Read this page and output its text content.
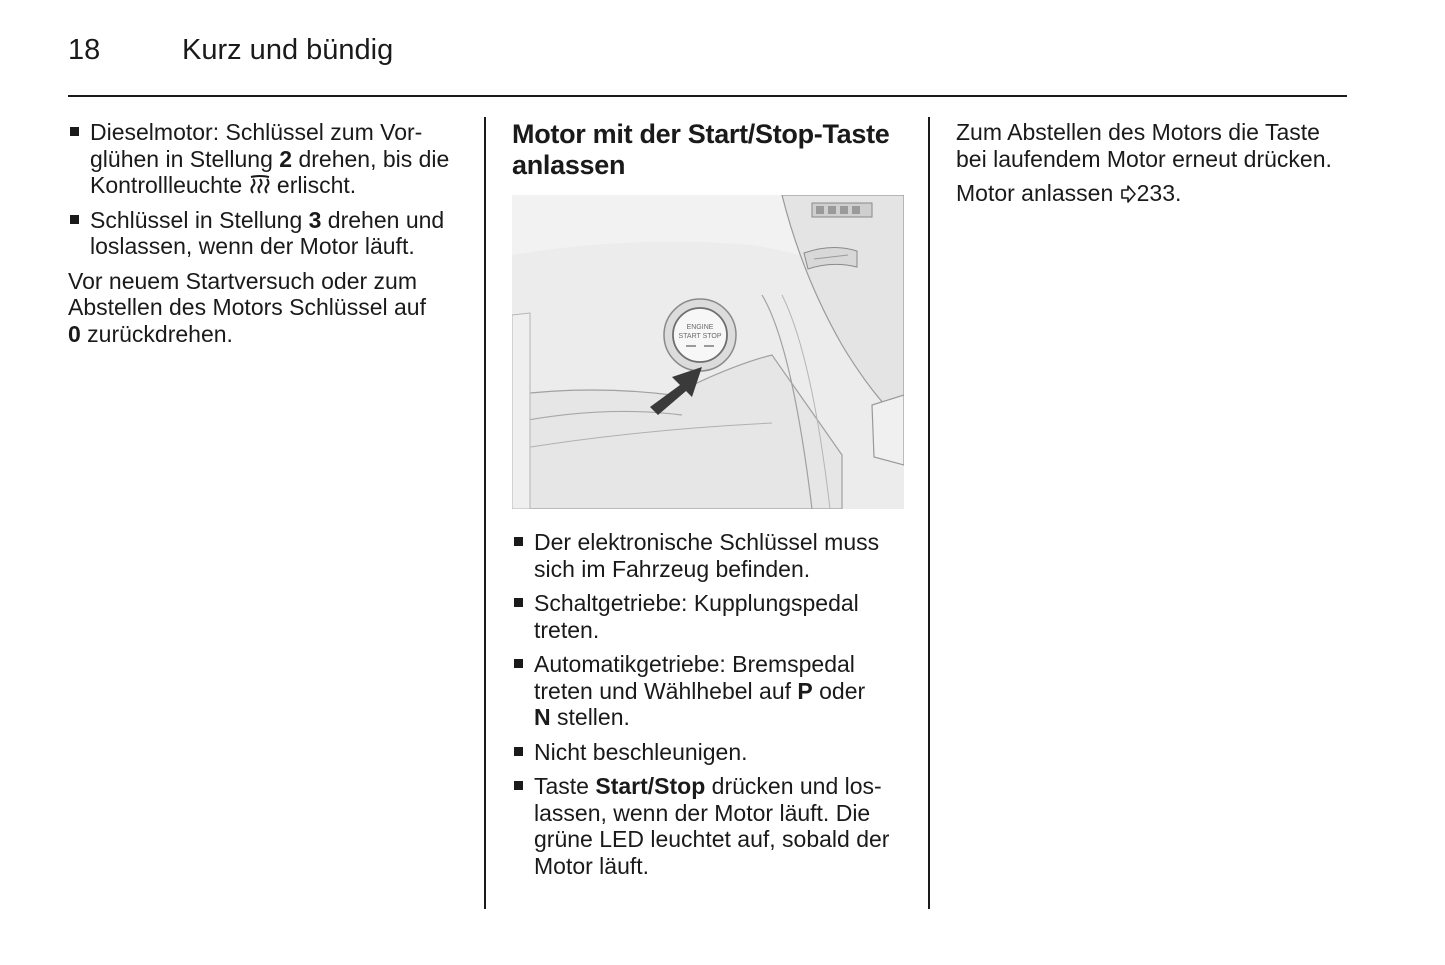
18	Kurz und bündig
Dieselmotor: Schlüssel zum Vor-
glühen in Stellung 2 drehen, bis die
Kontrollleuchte  erlischt.
Schlüssel in Stellung 3 drehen und
loslassen, wenn der Motor läuft.

Vor neuem Startversuch oder zum
Abstellen des Motors Schlüssel auf
0 zurückdrehen.

Motor mit der Start/Stop-Taste
anlassen
ENGINE
START STOP
Der elektronische Schlüssel muss
sich im Fahrzeug befinden.
Schaltgetriebe: Kupplungspedal
treten.
Automatikgetriebe: Bremspedal
treten und Wählhebel auf P oder
N stellen.
Nicht beschleunigen.
Taste Start/Stop drücken und los-
lassen, wenn der Motor läuft. Die
grüne LED leuchtet auf, sobald der
Motor läuft.

Zum Abstellen des Motors die Taste
bei laufendem Motor erneut drücken.

Motor anlassen 233.
